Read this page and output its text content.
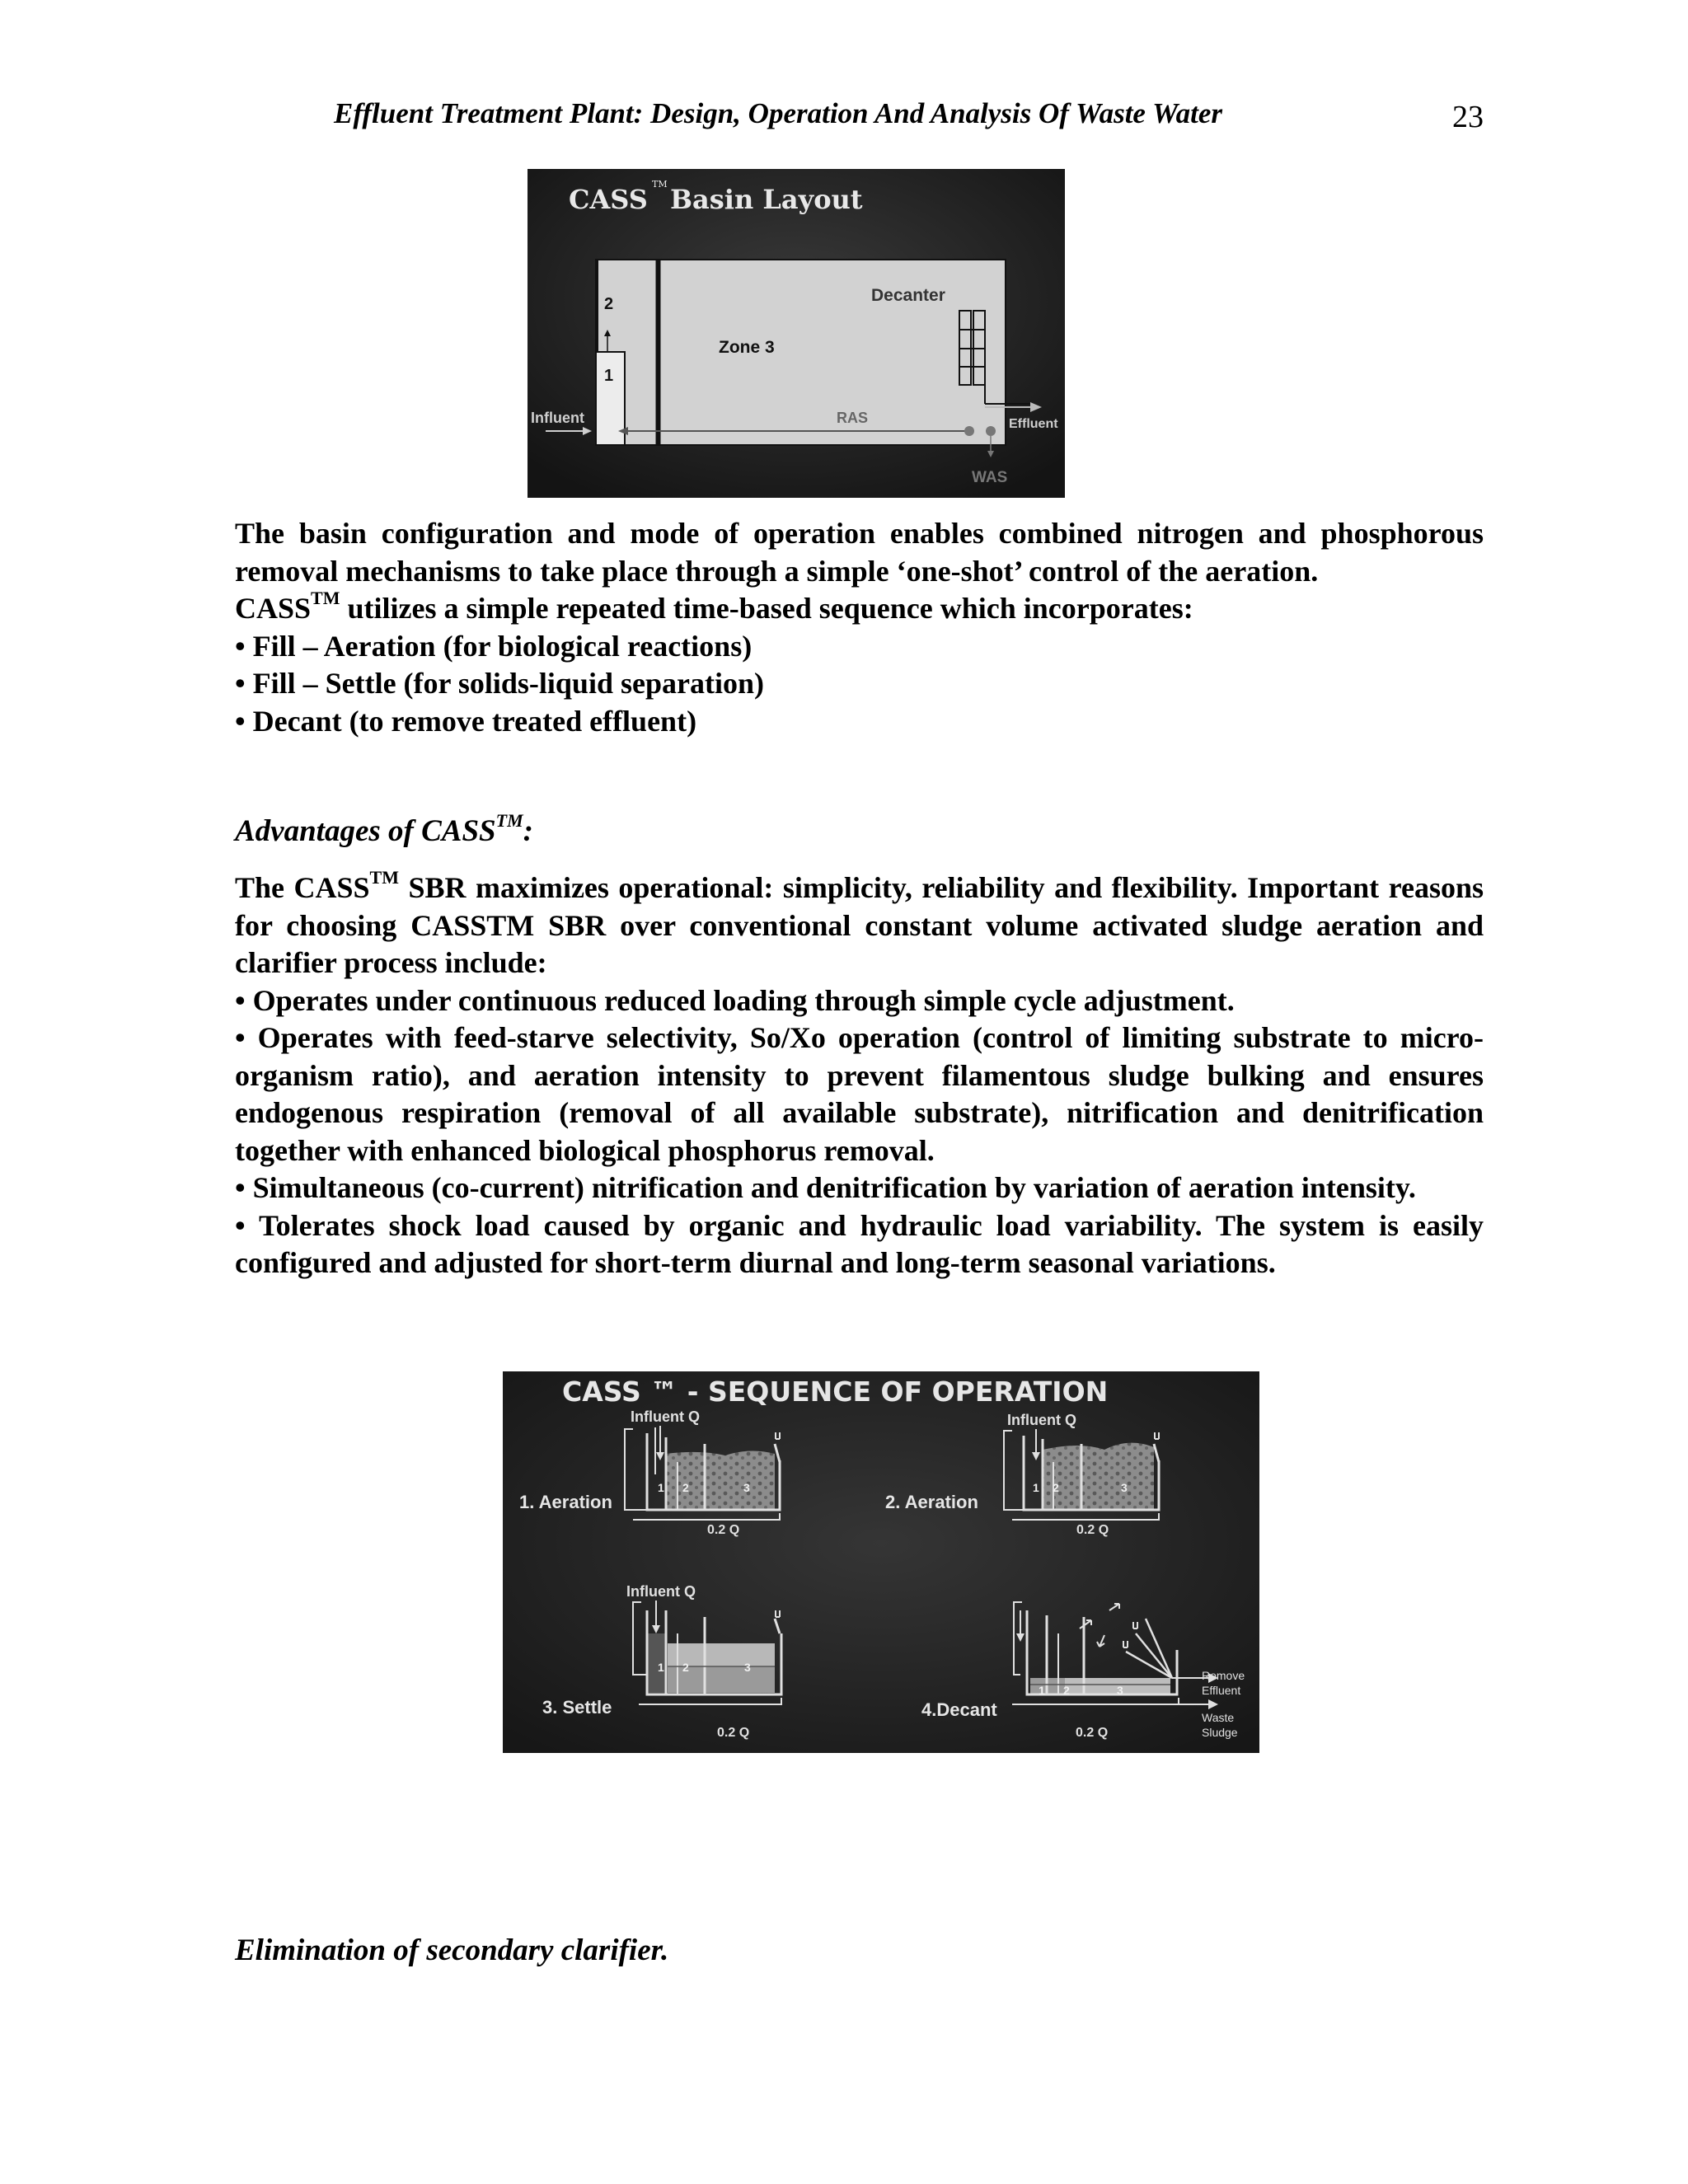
Effluent Treatment Plant: Design, Operation And Analysis Of Waste Water	23
CASS TM Basin Layout
2
1
Decanter
Zone 3
RAS
Influent	Effluent
WAS

The basin configuration and mode of operation enables combined nitrogen and phosphorous removal mechanisms to take place through a simple ‘one-shot’ control of the aeration.

CASS™ utilizes a simple repeated time-based sequence which incorporates:

• Fill – Aeration (for biological reactions)

• Fill – Settle (for solids-liquid separation)

• Decant (to remove treated effluent)

Advantages of CASS™:

The CASS™ SBR maximizes operational: simplicity, reliability and flexibility. Important reasons for choosing CASSTM SBR over conventional constant volume activated sludge aeration and clarifier process include:

• Operates under continuous reduced loading through simple cycle adjustment.

• Operates with feed-starve selectivity, So/Xo operation (control of limiting substrate to micro-organism ratio), and aeration intensity to prevent filamentous sludge bulking and ensures endogenous respiration (removal of all available substrate), nitrification and denitrification together with enhanced biological phosphorus removal.

• Simultaneous (co-current) nitrification and denitrification by variation of aeration intensity.

• Tolerates shock load caused by organic and hydraulic load variability. The system is easily configured and adjusted for short-term diurnal and long-term seasonal variations.

CASS ™ - SEQUENCE OF OPERATION
Influent Q
1 2	3
1. Aeration
0.2 Q
Influent Q
1 2	3
2. Aeration
0.2 Q
Influent Q
1 2	3
3. Settle
0.2 Q
1 2	3
4.Decant
0.2 Q
Remove
Effluent
Waste
Sludge
Elimination of secondary clarifier.
